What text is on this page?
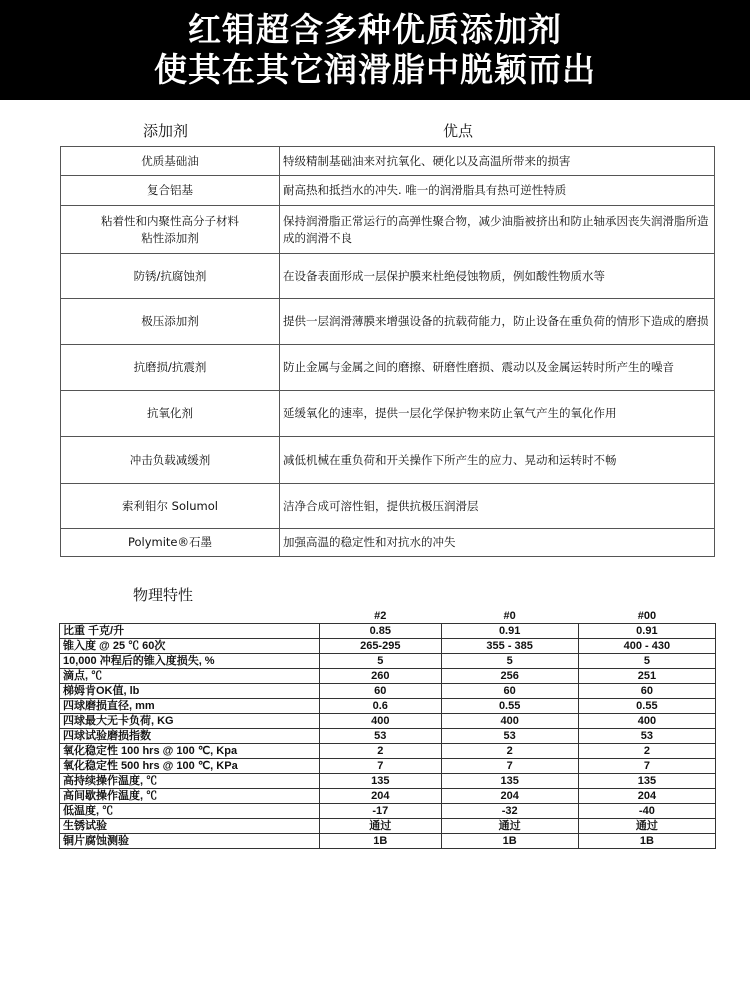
红钼超含多种优质添加剂
使其在其它润滑脂中脱颖而出
添加剂	优点
优质基础油	特级精制基础油来对抗氧化、硬化以及高温所带来的损害
复合铝基	耐高热和抵挡水的冲失. 唯一的润滑脂具有热可逆性特质
粘着性和内聚性高分子材料
粘性添加剂	保持润滑脂正常运行的高弹性聚合物，减少油脂被挤出和防止轴承因丧失润滑脂所造成的润滑不良
防锈/抗腐蚀剂	在设备表面形成一层保护膜来杜绝侵蚀物质，例如酸性物质水等
极压添加剂	提供一层润滑薄膜来增强设备的抗载荷能力，防止设备在重负荷的情形下造成的磨损
抗磨损/抗震剂	防止金属与金属之间的磨擦、研磨性磨损、震动以及金属运转时所产生的噪音
抗氧化剂	延缓氧化的速率，提供一层化学保护物来防止氧气产生的氧化作用
冲击负载减缓剂	减低机械在重负荷和开关操作下所产生的应力、晃动和运转时不畅
索利钼尔 Solumol	洁净合成可溶性钼，提供抗极压润滑层
Polymite®石墨	加强高温的稳定性和对抗水的冲失
物理特性
	#2	#0	#00
比重 千克/升	0.85	0.91	0.91
锥入度 @ 25 ℃ 60次	265-295	355 - 385	400 - 430
10,000 冲程后的锥入度损失, %	5	5	5
滴点, ℃	260	256	251
梯姆肯OK值, lb	60	60	60
四球磨损直径, mm	0.6	0.55	0.55
四球最大无卡负荷, KG	400	400	400
四球试验磨损指数	53	53	53
氧化稳定性 100 hrs @ 100 ℃, Kpa	2	2	2
氧化稳定性 500 hrs @ 100 ℃, KPa	7	7	7
高持续操作温度, ℃	135	135	135
高间歇操作温度, ℃	204	204	204
低温度, ℃	-17	-32	-40
生锈试验	通过	通过	通过
铜片腐蚀测验	1B	1B	1B
